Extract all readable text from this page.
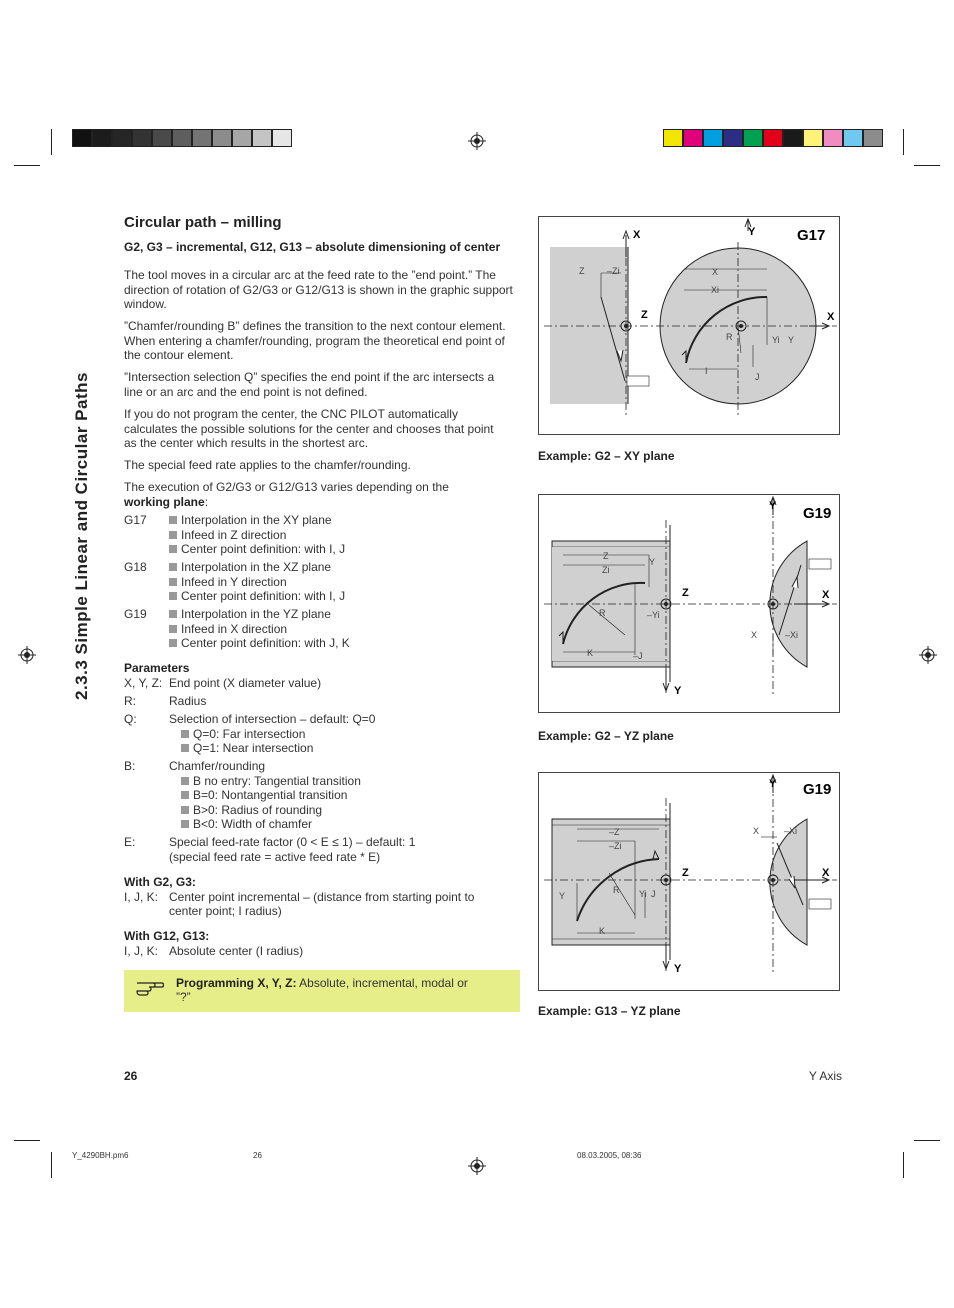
2.3.3 Simple Linear and Circular Paths
Circular path – milling
G2, G3 – incremental, G12, G13 – absolute dimensioning of center
The tool moves in a circular arc at the feed rate to the ”end point.” The direction of rotation of G2/G3 or G12/G13 is shown in the graphic support window.
”Chamfer/rounding B” defines the transition to the next contour element. When entering a chamfer/rounding, program the theoretical end point of the contour element.
”Intersection selection Q” specifies the end point if the arc intersects a line or an arc and the end point is not defined.
If you do not program the center, the CNC PILOT automatically calculates the possible solutions for the center and chooses that point as the center which results in the shortest arc.
The special feed rate applies to the chamfer/rounding.
The execution of G2/G3 or G12/G13 varies depending on the
working plane:
G17	Interpolation in the XY plane
Infeed in Z direction
Center point definition: with I, J
G18	Interpolation in the XZ plane
Infeed in Y direction
Center point definition: with I, J
G19	Interpolation in the YZ plane
Infeed in X direction
Center point definition: with J, K
Parameters
X, Y, Z: End point (X diameter value)
R:	Radius
Q:	Selection of intersection – default: Q=0
Q=0: Far intersection
Q=1: Near intersection
B:	Chamfer/rounding
B no entry: Tangential transition
B=0: Nontangential transition
B>0: Radius of rounding
B<0: Width of chamfer
E:	Special feed-rate factor (0 < E ≤ 1) – default: 1
(special feed rate = active feed rate * E)
With G2, G3:
I, J, K: Center point incremental – (distance from starting point to
center point; I radius)
With G12, G13:
I, J, K: Absolute center (I radius)
Programming X, Y, Z: Absolute, incremental, modal or
”?”
X	Y
Z	X
Z	–Zi	X
Xi
R	Yi Y
I
J
G17
Example: G2 – XY plane
Y
Y
Z	X
Z
Zi
Y
R	–Yi
K	–J
X	–Xi
G19
Example: G2 – YZ plane
Y
Y
Z	X
–Z
–Zi
Y
R Yi J
K
X	–Xi
G19
Example: G13 – YZ plane
26	Y Axis
Y_4290BH.pm6	26	08.03.2005, 08:36
